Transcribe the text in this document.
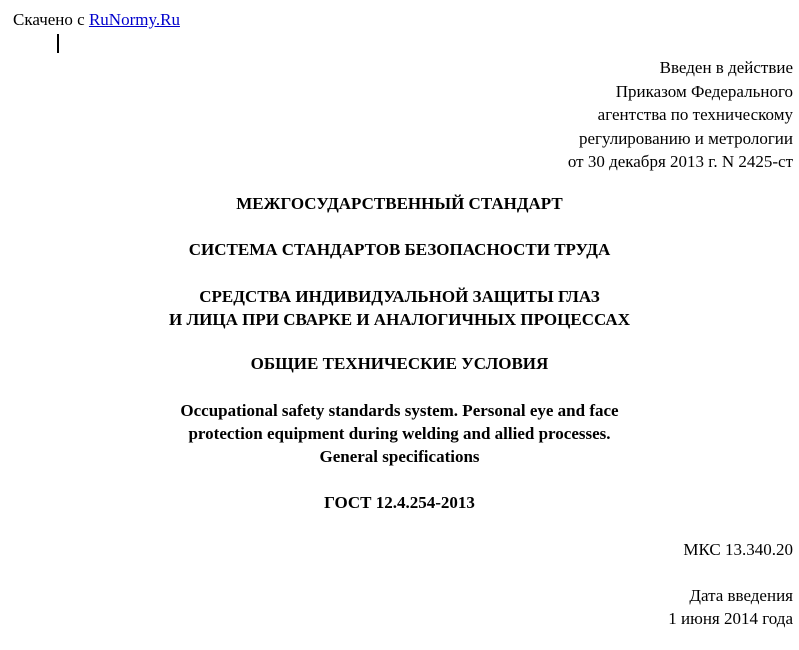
Скачено с RuNormy.Ru
Введен в действие
Приказом Федерального
агентства по техническому
регулированию и метрологии
от 30 декабря 2013 г. N 2425-ст
МЕЖГОСУДАРСТВЕННЫЙ СТАНДАРТ
СИСТЕМА СТАНДАРТОВ БЕЗОПАСНОСТИ ТРУДА
СРЕДСТВА ИНДИВИДУАЛЬНОЙ ЗАЩИТЫ ГЛАЗ
И ЛИЦА ПРИ СВАРКЕ И АНАЛОГИЧНЫХ ПРОЦЕССАХ
ОБЩИЕ ТЕХНИЧЕСКИЕ УСЛОВИЯ
Occupational safety standards system. Personal eye and face
protection equipment during welding and allied processes.
General specifications
ГОСТ 12.4.254-2013
МКС 13.340.20
Дата введения
1 июня 2014 года
